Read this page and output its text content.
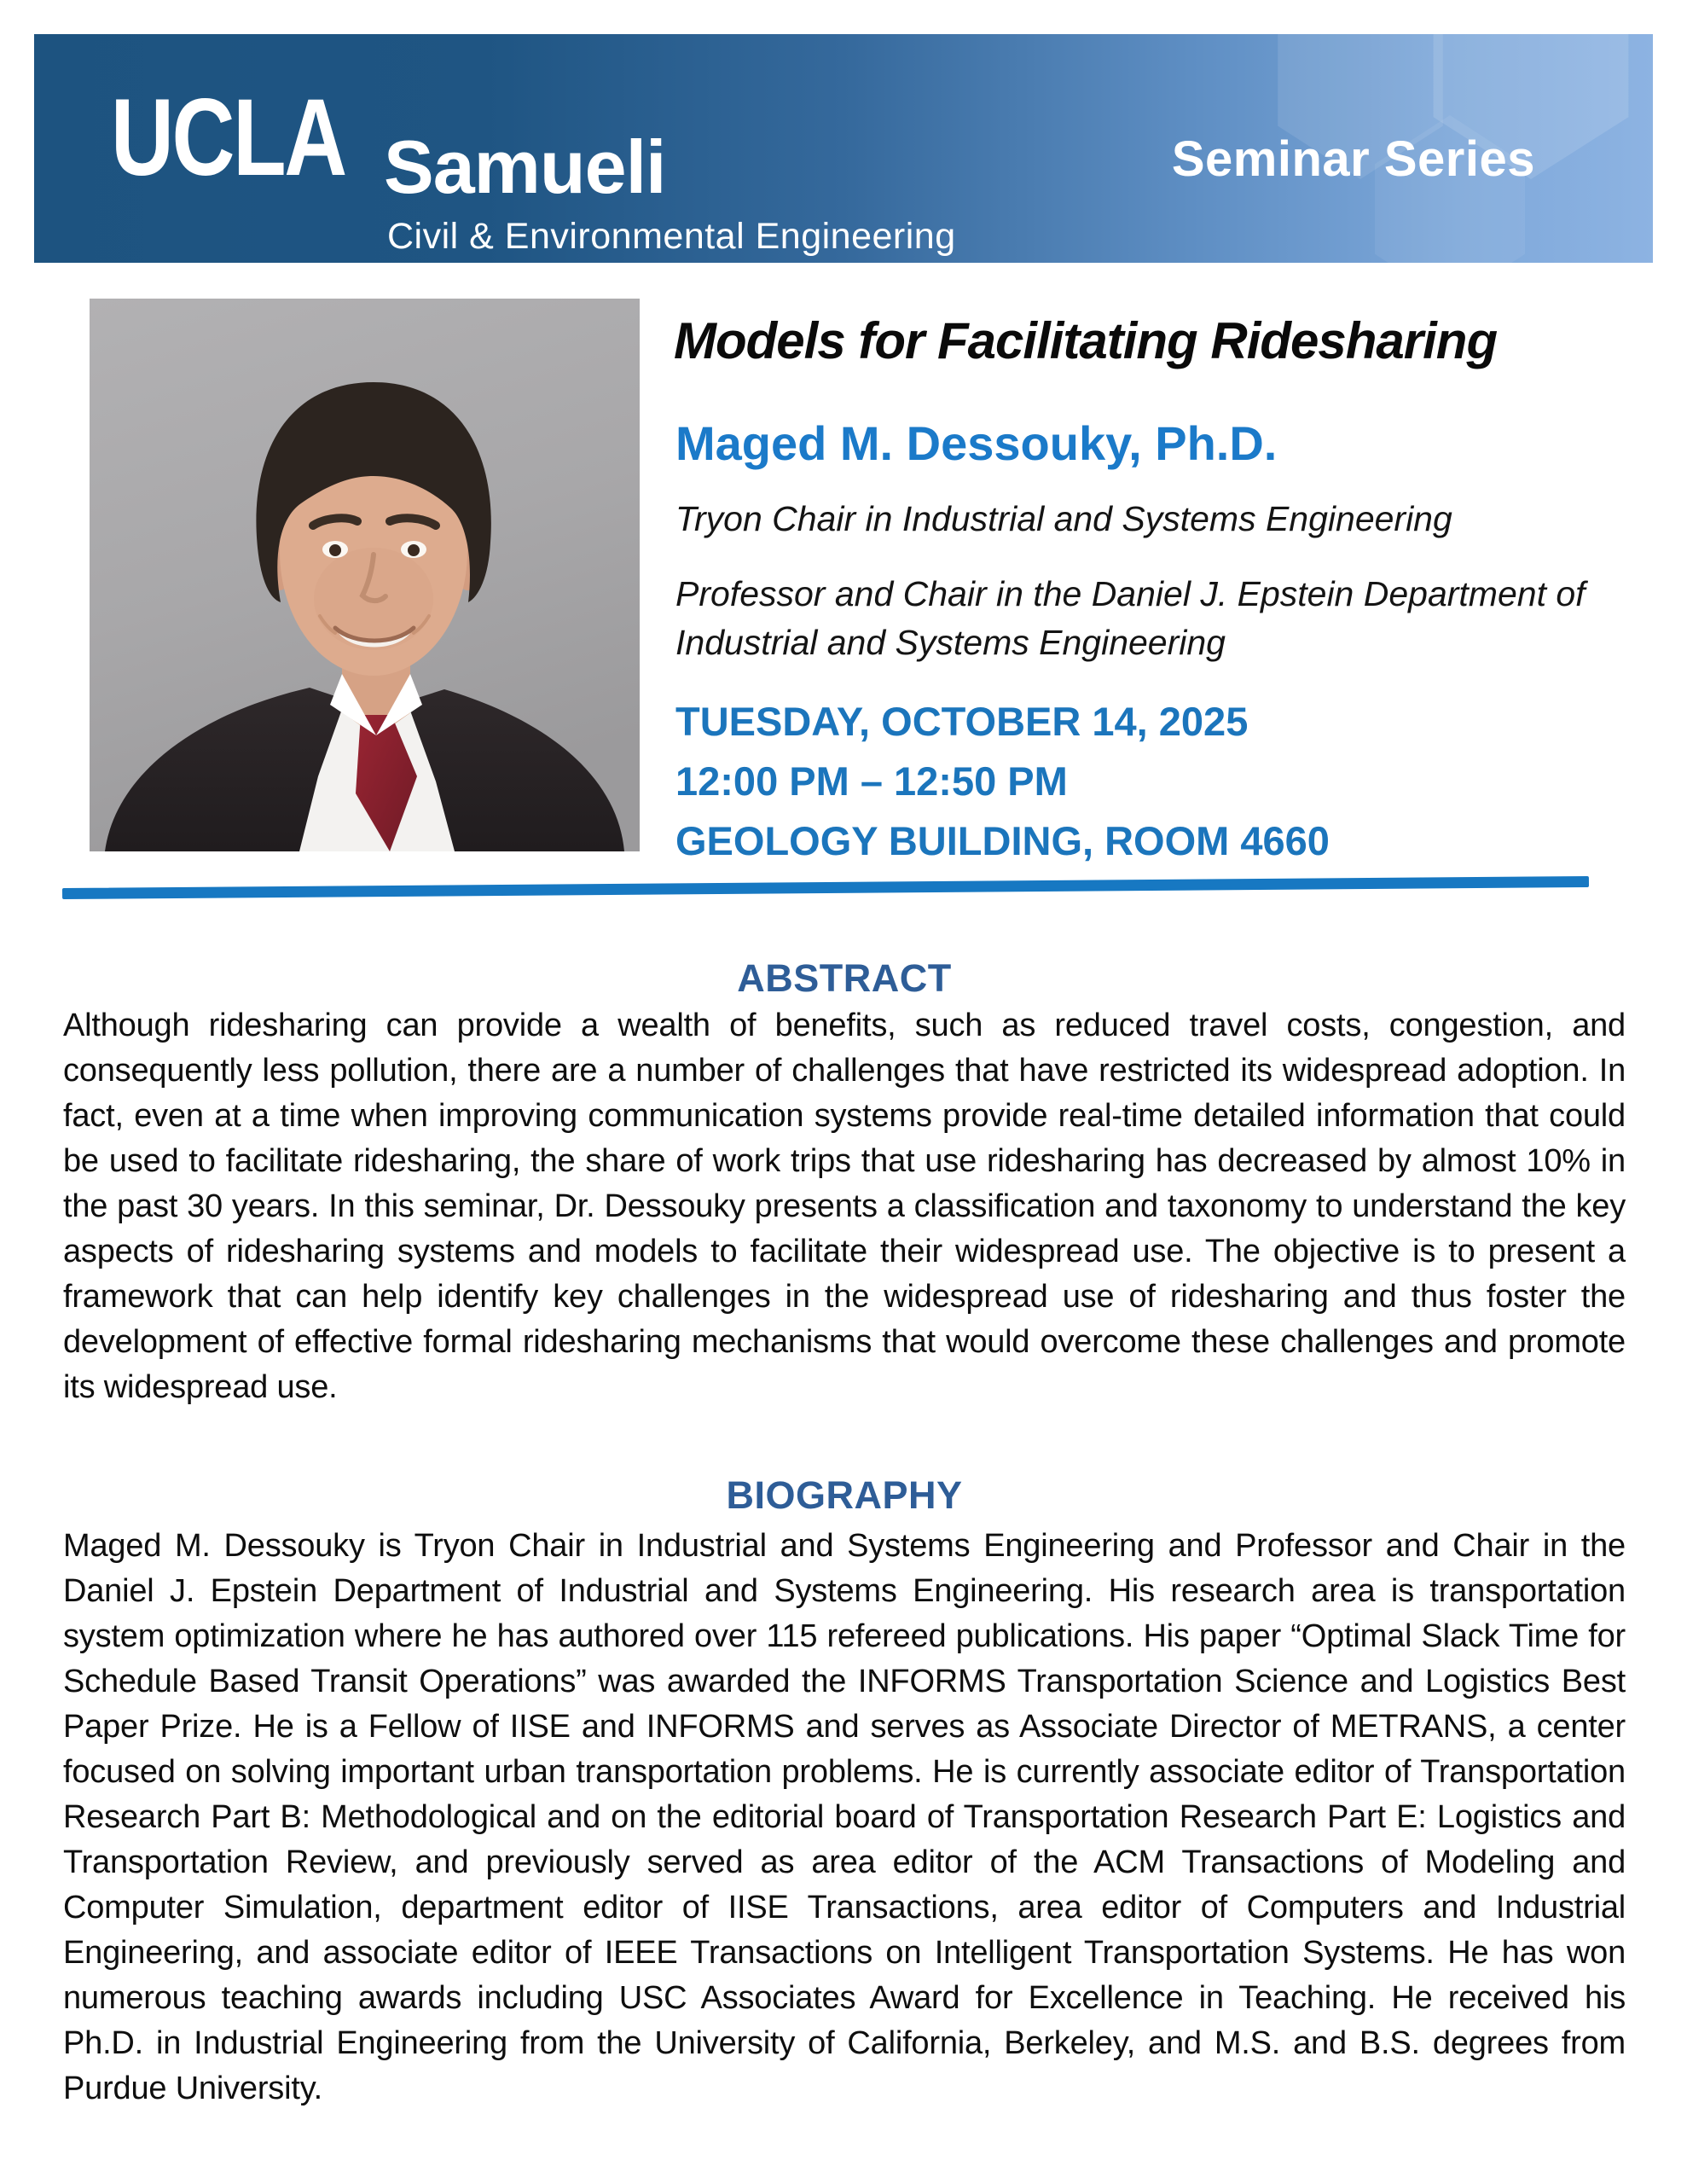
UCLA Samueli
Civil & Environmental Engineering
Seminar Series
Models for Facilitating Ridesharing
Maged M. Dessouky, Ph.D.
Tryon Chair in Industrial and Systems Engineering
Professor and Chair in the Daniel J. Epstein Department of Industrial and Systems Engineering
TUESDAY, OCTOBER 14, 2025
12:00 PM – 12:50 PM
GEOLOGY BUILDING, ROOM 4660
ABSTRACT
Although ridesharing can provide a wealth of benefits, such as reduced travel costs, congestion, and consequently less pollution, there are a number of challenges that have restricted its widespread adoption. In fact, even at a time when improving communication systems provide real-time detailed information that could be used to facilitate ridesharing, the share of work trips that use ridesharing has decreased by almost 10% in the past 30 years. In this seminar, Dr. Dessouky presents a classification and taxonomy to understand the key aspects of ridesharing systems and models to facilitate their widespread use. The objective is to present a framework that can help identify key challenges in the widespread use of ridesharing and thus foster the development of effective formal ridesharing mechanisms that would overcome these challenges and promote its widespread use.
BIOGRAPHY
Maged M. Dessouky is Tryon Chair in Industrial and Systems Engineering and Professor and Chair in the Daniel J. Epstein Department of Industrial and Systems Engineering. His research area is transportation system optimization where he has authored over 115 refereed publications. His paper “Optimal Slack Time for Schedule Based Transit Operations” was awarded the INFORMS Transportation Science and Logistics Best Paper Prize. He is a Fellow of IISE and INFORMS and serves as Associate Director of METRANS, a center focused on solving important urban transportation problems. He is currently associate editor of Transportation Research Part B: Methodological and on the editorial board of Transportation Research Part E: Logistics and Transportation Review, and previously served as area editor of the ACM Transactions of Modeling and Computer Simulation, department editor of IISE Transactions, area editor of Computers and Industrial Engineering, and associate editor of IEEE Transactions on Intelligent Transportation Systems. He has won numerous teaching awards including USC Associates Award for Excellence in Teaching. He received his Ph.D. in Industrial Engineering from the University of California, Berkeley, and M.S. and B.S. degrees from Purdue University.
